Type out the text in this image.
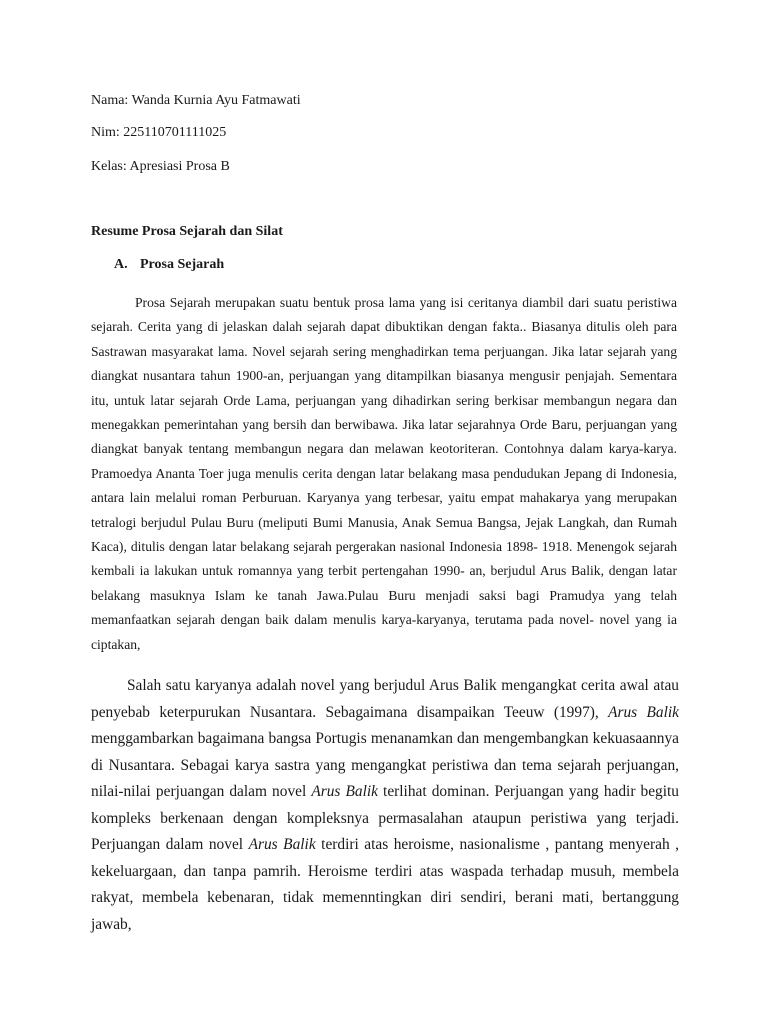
Nama: Wanda Kurnia Ayu Fatmawati
Nim: 225110701111025
Kelas: Apresiasi Prosa B
Resume Prosa Sejarah dan Silat
A. Prosa Sejarah

Prosa Sejarah merupakan suatu bentuk prosa lama yang isi ceritanya diambil dari suatu peristiwa sejarah. Cerita yang di jelaskan dalah sejarah dapat dibuktikan dengan fakta.. Biasanya ditulis oleh para Sastrawan masyarakat lama. Novel sejarah sering menghadirkan tema perjuangan. Jika latar sejarah yang diangkat nusantara tahun 1900-an, perjuangan yang ditampilkan biasanya mengusir penjajah. Sementara itu, untuk latar sejarah Orde Lama, perjuangan yang dihadirkan sering berkisar membangun negara dan menegakkan pemerintahan yang bersih dan berwibawa. Jika latar sejarahnya Orde Baru, perjuangan yang diangkat banyak tentang membangun negara dan melawan keotoriteran. Contohnya dalam karya-karya. Pramoedya Ananta Toer juga menulis cerita dengan latar belakang masa pendudukan Jepang di Indonesia, antara lain melalui roman Perburuan. Karyanya yang terbesar, yaitu empat mahakarya yang merupakan tetralogi berjudul Pulau Buru (meliputi Bumi Manusia, Anak Semua Bangsa, Jejak Langkah, dan Rumah Kaca), ditulis dengan latar belakang sejarah pergerakan nasional Indonesia 1898- 1918. Menengok sejarah kembali ia lakukan untuk romannya yang terbit pertengahan 1990- an, berjudul Arus Balik, dengan latar belakang masuknya Islam ke tanah Jawa.Pulau Buru menjadi saksi bagi Pramudya yang telah memanfaatkan sejarah dengan baik dalam menulis karya-karyanya, terutama pada novel- novel yang ia ciptakan,

Salah satu karyanya adalah novel yang berjudul Arus Balik mengangkat cerita awal atau penyebab keterpurukan Nusantara. Sebagaimana disampaikan Teeuw (1997), Arus Balik menggambarkan bagaimana bangsa Portugis menanamkan dan mengembangkan kekuasaannya di Nusantara. Sebagai karya sastra yang mengangkat peristiwa dan tema sejarah perjuangan, nilai-nilai perjuangan dalam novel Arus Balik terlihat dominan. Perjuangan yang hadir begitu kompleks berkenaan dengan kompleksnya permasalahan ataupun peristiwa yang terjadi. Perjuangan dalam novel Arus Balik terdiri atas heroisme, nasionalisme , pantang menyerah , kekeluargaan, dan tanpa pamrih. Heroisme terdiri atas waspada terhadap musuh, membela rakyat, membela kebenaran, tidak memenntingkan diri sendiri, berani mati, bertanggung jawab,
